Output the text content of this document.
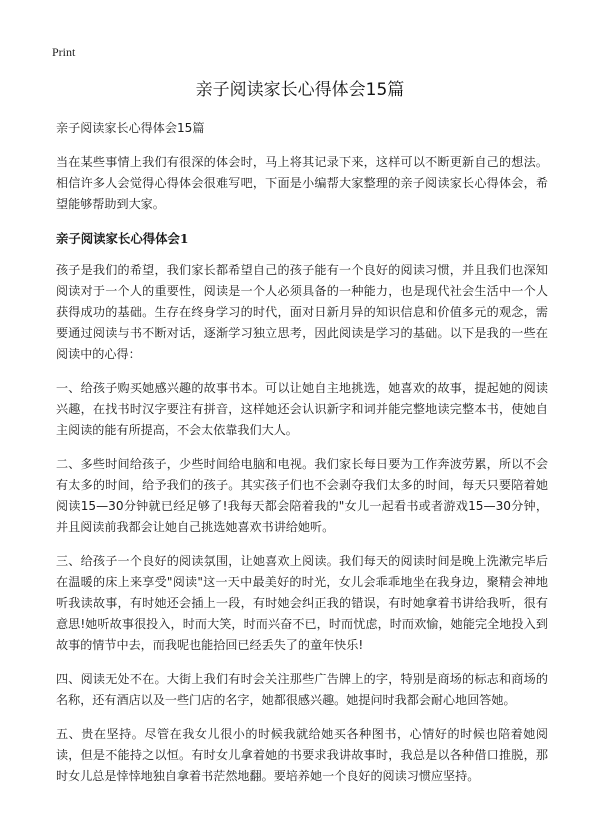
Print
亲子阅读家长心得体会15篇

亲子阅读家长心得体会15篇

当在某些事情上我们有很深的体会时，马上将其记录下来，这样可以不断更新自己的想法。相信许多人会觉得心得体会很难写吧，下面是小编帮大家整理的亲子阅读家长心得体会，希望能够帮助到大家。

亲子阅读家长心得体会1

孩子是我们的希望，我们家长都希望自己的孩子能有一个良好的阅读习惯，并且我们也深知阅读对于一个人的重要性，阅读是一个人必须具备的一种能力，也是现代社会生活中一个人获得成功的基础。生存在终身学习的时代，面对日新月异的知识信息和价值多元的观念，需要通过阅读与书不断对话，逐渐学习独立思考，因此阅读是学习的基础。以下是我的一些在阅读中的心得：

一、给孩子购买她感兴趣的故事书本。可以让她自主地挑选，她喜欢的故事，提起她的阅读兴趣，在找书时汉字要注有拼音，这样她还会认识新字和词并能完整地读完整本书，使她自主阅读的能有所提高，不会太依靠我们大人。

二、多些时间给孩子，少些时间给电脑和电视。我们家长每日要为工作奔波劳累，所以不会有太多的时间，给予我们的孩子。其实孩子们也不会剥夺我们太多的时间，每天只要陪着她阅读15—30分钟就已经足够了!我每天都会陪着我的"女儿一起看书或者游戏15—30分钟，并且阅读前我都会让她自己挑选她喜欢书讲给她听。

三、给孩子一个良好的阅读氛围，让她喜欢上阅读。我们每天的阅读时间是晚上洗漱完毕后在温暖的床上来享受"阅读"这一天中最美好的时光，女儿会乖乖地坐在我身边，聚精会神地听我读故事，有时她还会插上一段，有时她会纠正我的错误，有时她拿着书讲给我听，很有意思!她听故事很投入，时而大笑，时而兴奋不已，时而忧虑，时而欢愉，她能完全地投入到故事的情节中去，而我呢也能拾回已经丢失了的童年快乐!

四、阅读无处不在。大街上我们有时会关注那些广告牌上的字，特别是商场的标志和商场的名称，还有酒店以及一些门店的名字，她都很感兴趣。她提问时我都会耐心地回答她。

五、贵在坚持。尽管在我女儿很小的时候我就给她买各种图书，心情好的时候也陪着她阅读，但是不能持之以恒。有时女儿拿着她的书要求我讲故事时，我总是以各种借口推脱，那时女儿总是悻悻地独自拿着书茫然地翻。要培养她一个良好的阅读习惯应坚持。
